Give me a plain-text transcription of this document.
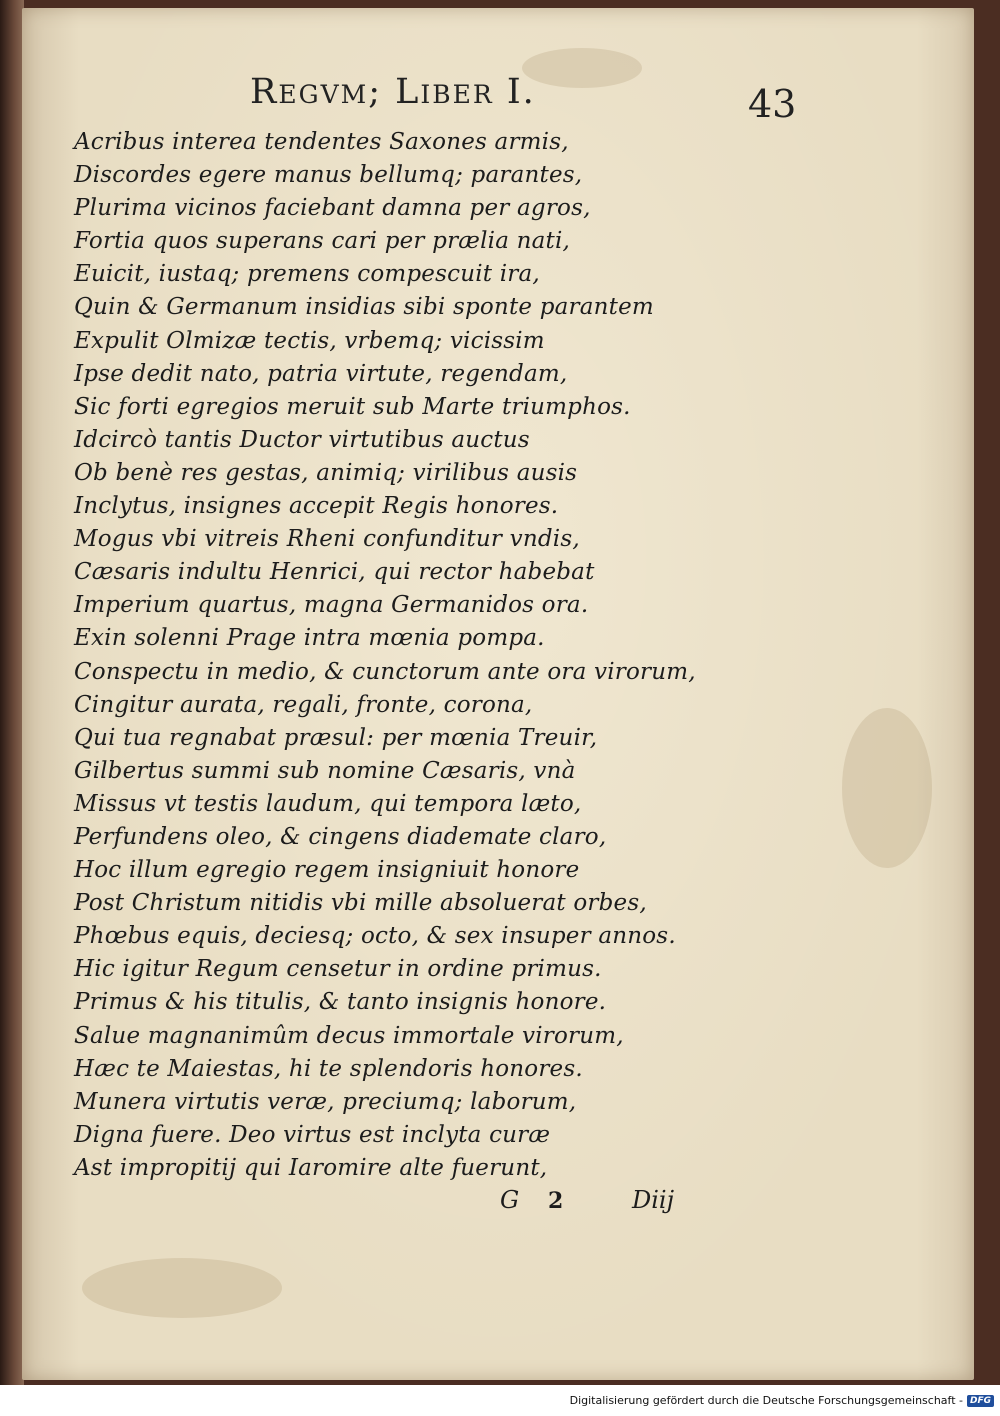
Regvm; Liber I.	43
Acribus interea tendentes Saxones armis,
Discordes egere manus bellumq; parantes,
Plurima vicinos faciebant damna per agros,
Fortia quos superans cari per prælia nati,
Euicit, iustaq; premens compescuit ira,
Quin & Germanum insidias sibi sponte parantem
Expulit Olmizæ tectis, vrbemq; vicissim
Ipse dedit nato, patria virtute, regendam,
Sic forti egregios meruit sub Marte triumphos.
Idcircò tantis Ductor virtutibus auctus
Ob benè res gestas, animiq; virilibus ausis
Inclytus, insignes accepit Regis honores.
Mogus vbi vitreis Rheni confunditur vndis,
Cæsaris indultu Henrici, qui rector habebat
Imperium quartus, magna Germanidos ora.
Exin solenni Prage intra mœnia pompa.
Conspectu in medio, & cunctorum ante ora virorum,
Cingitur aurata, regali, fronte, corona,
Qui tua regnabat præsul: per mœnia Treuir,
Gilbertus summi sub nomine Cæsaris, vnà
Missus vt testis laudum, qui tempora læto,
Perfundens oleo, & cingens diademate claro,
Hoc illum egregio regem insigniuit honore
Post Christum nitidis vbi mille absoluerat orbes,
Phœbus equis, deciesq; octo, & sex insuper annos.
Hic igitur Regum censetur in ordine primus.
Primus & his titulis, & tanto insignis honore.
Salue magnanimûm decus immortale virorum,
Hæc te Maiestas, hi te splendoris honores.
Munera virtutis veræ, preciumq; laborum,
Digna fuere. Deo virtus est inclyta curæ
Ast impropitij qui Iaromire alte fuerunt,
G 2	Diij
Digitalisierung gefördert durch die Deutsche Forschungsgemeinschaft - DFG
